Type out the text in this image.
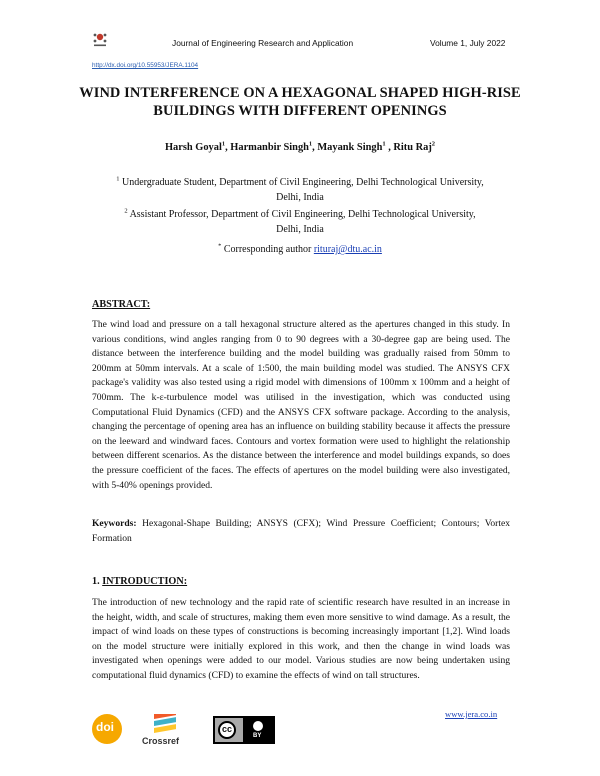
Journal of Engineering Research and Application	Volume 1, July 2022
http://dx.doi.org/10.55953/JERA.1104
WIND INTERFERENCE ON A HEXAGONAL SHAPED HIGH-RISE BUILDINGS WITH DIFFERENT OPENINGS
Harsh Goyal$^1$, Harmanbir Singh$^1$, Mayank Singh$^1$ , Ritu Raj$^2$
$^1$ Undergraduate Student, Department of Civil Engineering, Delhi Technological University,
Delhi, India
$^2$ Assistant Professor, Department of Civil Engineering, Delhi Technological University,
Delhi, India
* Corresponding author rituraj@dtu.ac.in
ABSTRACT:
The wind load and pressure on a tall hexagonal structure altered as the apertures changed in this study. In various conditions, wind angles ranging from 0 to 90 degrees with a 30-degree gap are being used. The distance between the interference building and the model building was gradually raised from 50mm to 200mm at 50mm intervals. At a scale of 1:500, the main building model was studied. The ANSYS CFX package's validity was also tested using a rigid model with dimensions of 100mm x 100mm and a height of 700mm. The k-ε-turbulence model was utilised in the investigation, which was conducted using Computational Fluid Dynamics (CFD) and the ANSYS CFX software package. According to the analysis, changing the percentage of opening area has an influence on building stability because it affects the pressure on the leeward and windward faces. Contours and vortex formation were used to highlight the relationship between different scenarios. As the distance between the interference and model buildings expands, so does the pressure coefficient of the faces. The effects of apertures on the model building were also investigated, with 5-40% openings provided.
Keywords: Hexagonal-Shape Building; ANSYS (CFX); Wind Pressure Coefficient; Contours; Vortex Formation
1. INTRODUCTION:
The introduction of new technology and the rapid rate of scientific research have resulted in an increase in the height, width, and scale of structures, making them even more sensitive to wind damage. As a result, the impact of wind loads on these types of constructions is becoming increasingly important [1,2]. Wind loads on the model structure were initially explored in this work, and then the change in wind loads was investigated when openings were added to our model. Various studies are now being undertaken using computational fluid dynamics (CFD) to examine the effects of wind on tall structures.
doi
Crossref
cc
BY
www.jera.co.in
